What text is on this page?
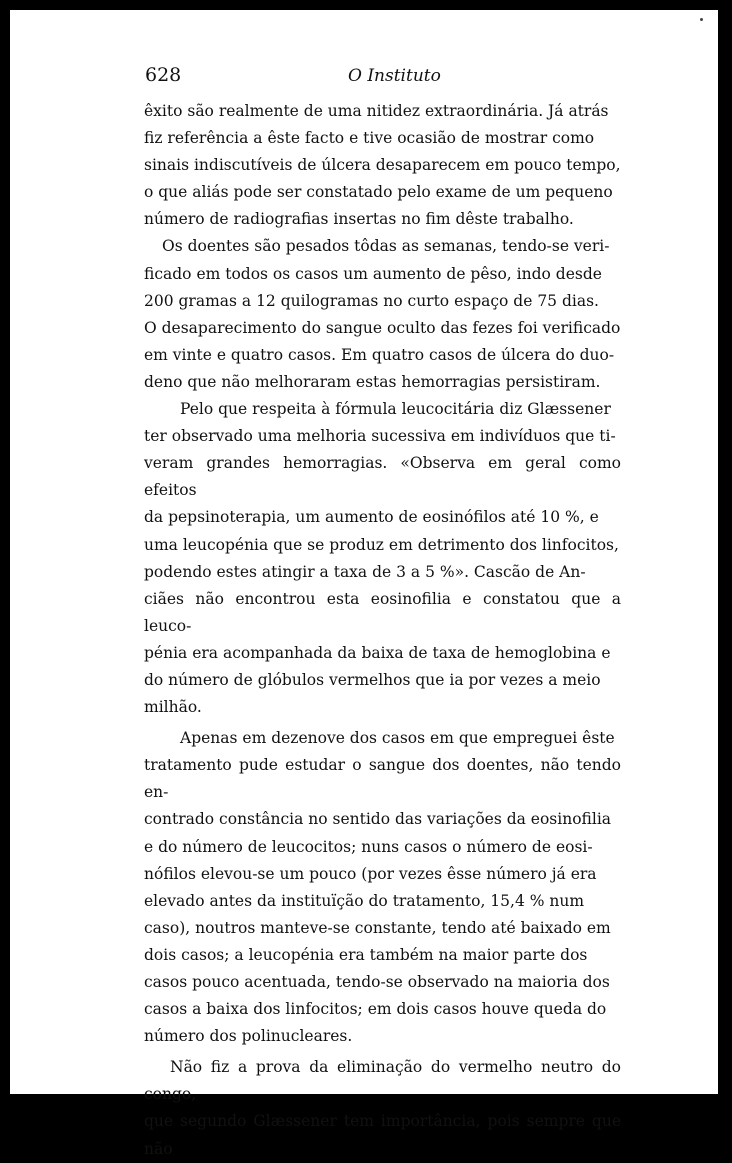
628	O Instituto

êxito são realmente de uma nitidez extraordinária. Já atrás
fiz referência a êste facto e tive ocasião de mostrar como
sinais indiscutíveis de úlcera desaparecem em pouco tempo,
o que aliás pode ser constatado pelo exame de um pequeno
número de radiografias insertas no fim dêste trabalho.

Os doentes são pesados tôdas as semanas, tendo-se veri-
ficado em todos os casos um aumento de pêso, indo desde
200 gramas a 12 quilogramas no curto espaço de 75 dias.
O desaparecimento do sangue oculto das fezes foi verificado
em vinte e quatro casos. Em quatro casos de úlcera do duo-
deno que não melhoraram estas hemorragias persistiram.

Pelo que respeita à fórmula leucocitária diz Glæssener
ter observado uma melhoria sucessiva em indivíduos que ti-
veram grandes hemorragias. «Observa em geral como efeitos
da pepsinoterapia, um aumento de eosinófilos até 10 %, e
uma leucopénia que se produz em detrimento dos linfocitos,
podendo estes atingir a taxa de 3 a 5 %». Cascão de An-
ciães não encontrou esta eosinofilia e constatou que a leuco-
pénia era acompanhada da baixa de taxa de hemoglobina e
do número de glóbulos vermelhos que ia por vezes a meio
milhão.

Apenas em dezenove dos casos em que empreguei êste
tratamento pude estudar o sangue dos doentes, não tendo en-
contrado constância no sentido das variações da eosinofilia
e do número de leucocitos; nuns casos o número de eosi-
nófilos elevou-se um pouco (por vezes êsse número já era
elevado antes da instituïção do tratamento, 15,4 % num
caso), noutros manteve-se constante, tendo até baixado em
dois casos; a leucopénia era também na maior parte dos
casos pouco acentuada, tendo-se observado na maioria dos
casos a baixa dos linfocitos; em dois casos houve queda do
número dos polinucleares.

Não fiz a prova da eliminação do vermelho neutro do congo,
que segundo Glæssener tem importância, pois sempre que não
